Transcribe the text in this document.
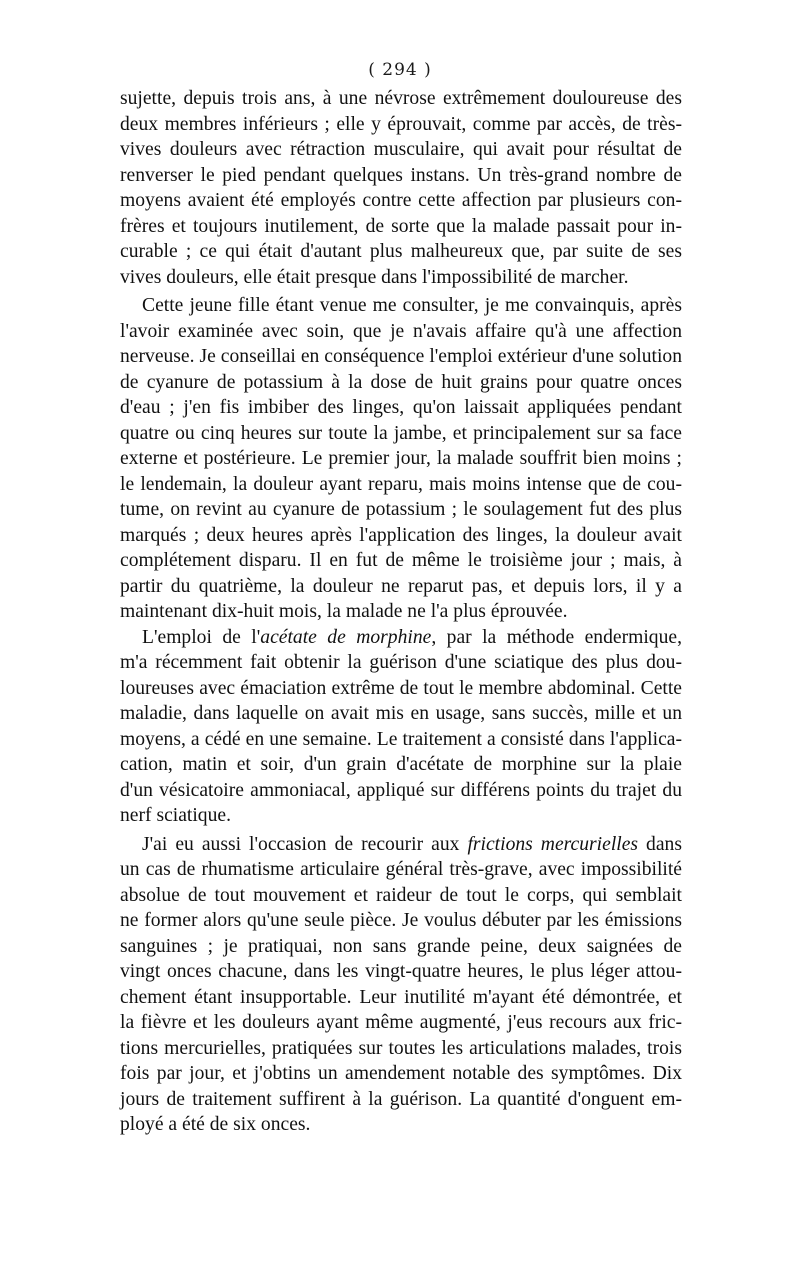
( 294 )
sujette, depuis trois ans, à une névrose extrêmement douloureuse des
deux membres inférieurs ; elle y éprouvait, comme par accès, de très-
vives douleurs avec rétraction musculaire, qui avait pour résultat de
renverser le pied pendant quelques instans. Un très-grand nombre de
moyens avaient été employés contre cette affection par plusieurs con-
frères et toujours inutilement, de sorte que la malade passait pour in-
curable ; ce qui était d'autant plus malheureux que, par suite de ses
vives douleurs, elle était presque dans l'impossibilité de marcher.
Cette jeune fille étant venue me consulter, je me convainquis, après
l'avoir examinée avec soin, que je n'avais affaire qu'à une affection
nerveuse. Je conseillai en conséquence l'emploi extérieur d'une solution
de cyanure de potassium à la dose de huit grains pour quatre onces
d'eau ; j'en fis imbiber des linges, qu'on laissait appliquées pendant
quatre ou cinq heures sur toute la jambe, et principalement sur sa face
externe et postérieure. Le premier jour, la malade souffrit bien moins ;
le lendemain, la douleur ayant reparu, mais moins intense que de cou-
tume, on revint au cyanure de potassium ; le soulagement fut des plus
marqués ; deux heures après l'application des linges, la douleur avait
complétement disparu. Il en fut de même le troisième jour ; mais, à
partir du quatrième, la douleur ne reparut pas, et depuis lors, il y a
maintenant dix-huit mois, la malade ne l'a plus éprouvée.
L'emploi de l'acétate de morphine, par la méthode endermique,
m'a récemment fait obtenir la guérison d'une sciatique des plus dou-
loureuses avec émaciation extrême de tout le membre abdominal. Cette
maladie, dans laquelle on avait mis en usage, sans succès, mille et un
moyens, a cédé en une semaine. Le traitement a consisté dans l'applica-
cation, matin et soir, d'un grain d'acétate de morphine sur la plaie
d'un vésicatoire ammoniacal, appliqué sur différens points du trajet du
nerf sciatique.
J'ai eu aussi l'occasion de recourir aux frictions mercurielles dans
un cas de rhumatisme articulaire général très-grave, avec impossibilité
absolue de tout mouvement et raideur de tout le corps, qui semblait
ne former alors qu'une seule pièce. Je voulus débuter par les émissions
sanguines ; je pratiquai, non sans grande peine, deux saignées de
vingt onces chacune, dans les vingt-quatre heures, le plus léger attou-
chement étant insupportable. Leur inutilité m'ayant été démontrée, et
la fièvre et les douleurs ayant même augmenté, j'eus recours aux fric-
tions mercurielles, pratiquées sur toutes les articulations malades, trois
fois par jour, et j'obtins un amendement notable des symptômes. Dix
jours de traitement suffirent à la guérison. La quantité d'onguent em-
ployé a été de six onces.
